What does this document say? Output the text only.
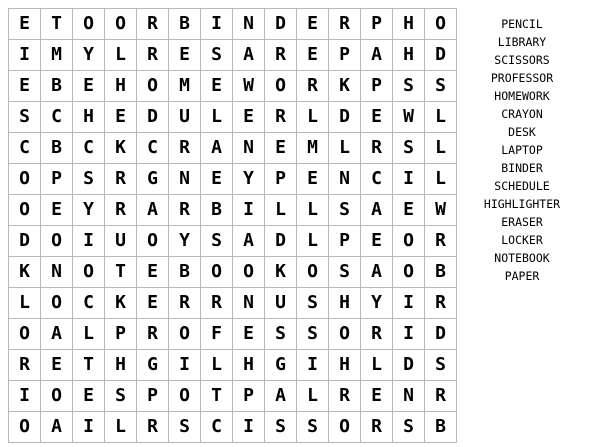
E	T	O	O	R	B	I	N	D	E	R	P	H	O
I	M	Y	L	R	E	S	A	R	E	P	A	H	D
E	B	E	H	O	M	E	W	O	R	K	P	S	S
S	C	H	E	D	U	L	E	R	L	D	E	W	L
C	B	C	K	C	R	A	N	E	M	L	R	S	L
O	P	S	R	G	N	E	Y	P	E	N	C	I	L
O	E	Y	R	A	R	B	I	L	L	S	A	E	W
D	O	I	U	O	Y	S	A	D	L	P	E	O	R
K	N	O	T	E	B	O	O	K	O	S	A	O	B
L	O	C	K	E	R	R	N	U	S	H	Y	I	R
O	A	L	P	R	O	F	E	S	S	O	R	I	D
R	E	T	H	G	I	L	H	G	I	H	L	D	S
I	O	E	S	P	O	T	P	A	L	R	E	N	R
O	A	I	L	R	S	C	I	S	S	O	R	S	B
PENCIL
LIBRARY
SCISSORS
PROFESSOR
HOMEWORK
CRAYON
DESK
LAPTOP
BINDER
SCHEDULE
HIGHLIGHTER
ERASER
LOCKER
NOTEBOOK
PAPER
